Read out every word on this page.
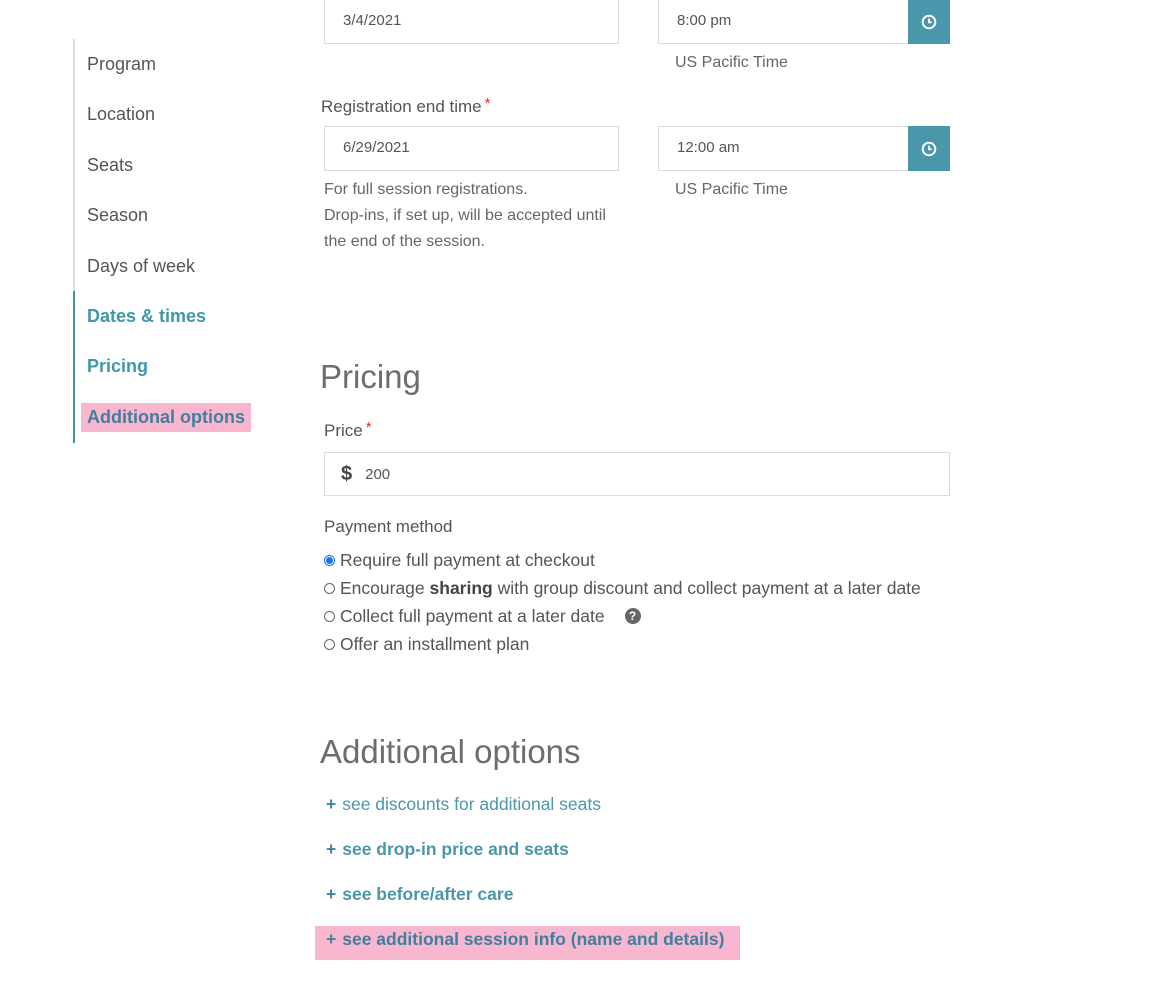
Program
Location
Seats
Season
Days of week
Dates & times
Pricing
Additional options
3/4/2021	8:00 pm
US Pacific Time
Registration end time *
6/29/2021	12:00 am
US Pacific Time
For full session registrations.
Drop-ins, if set up, will be accepted until
the end of the session.
Pricing
Price *
$ 200
Payment method
Require full payment at checkout
Encourage sharing with group discount and collect payment at a later date
Collect full payment at a later date	?
Offer an installment plan
Additional options
+ see discounts for additional seats
+ see drop-in price and seats
+ see before/after care
+ see additional session info (name and details)
